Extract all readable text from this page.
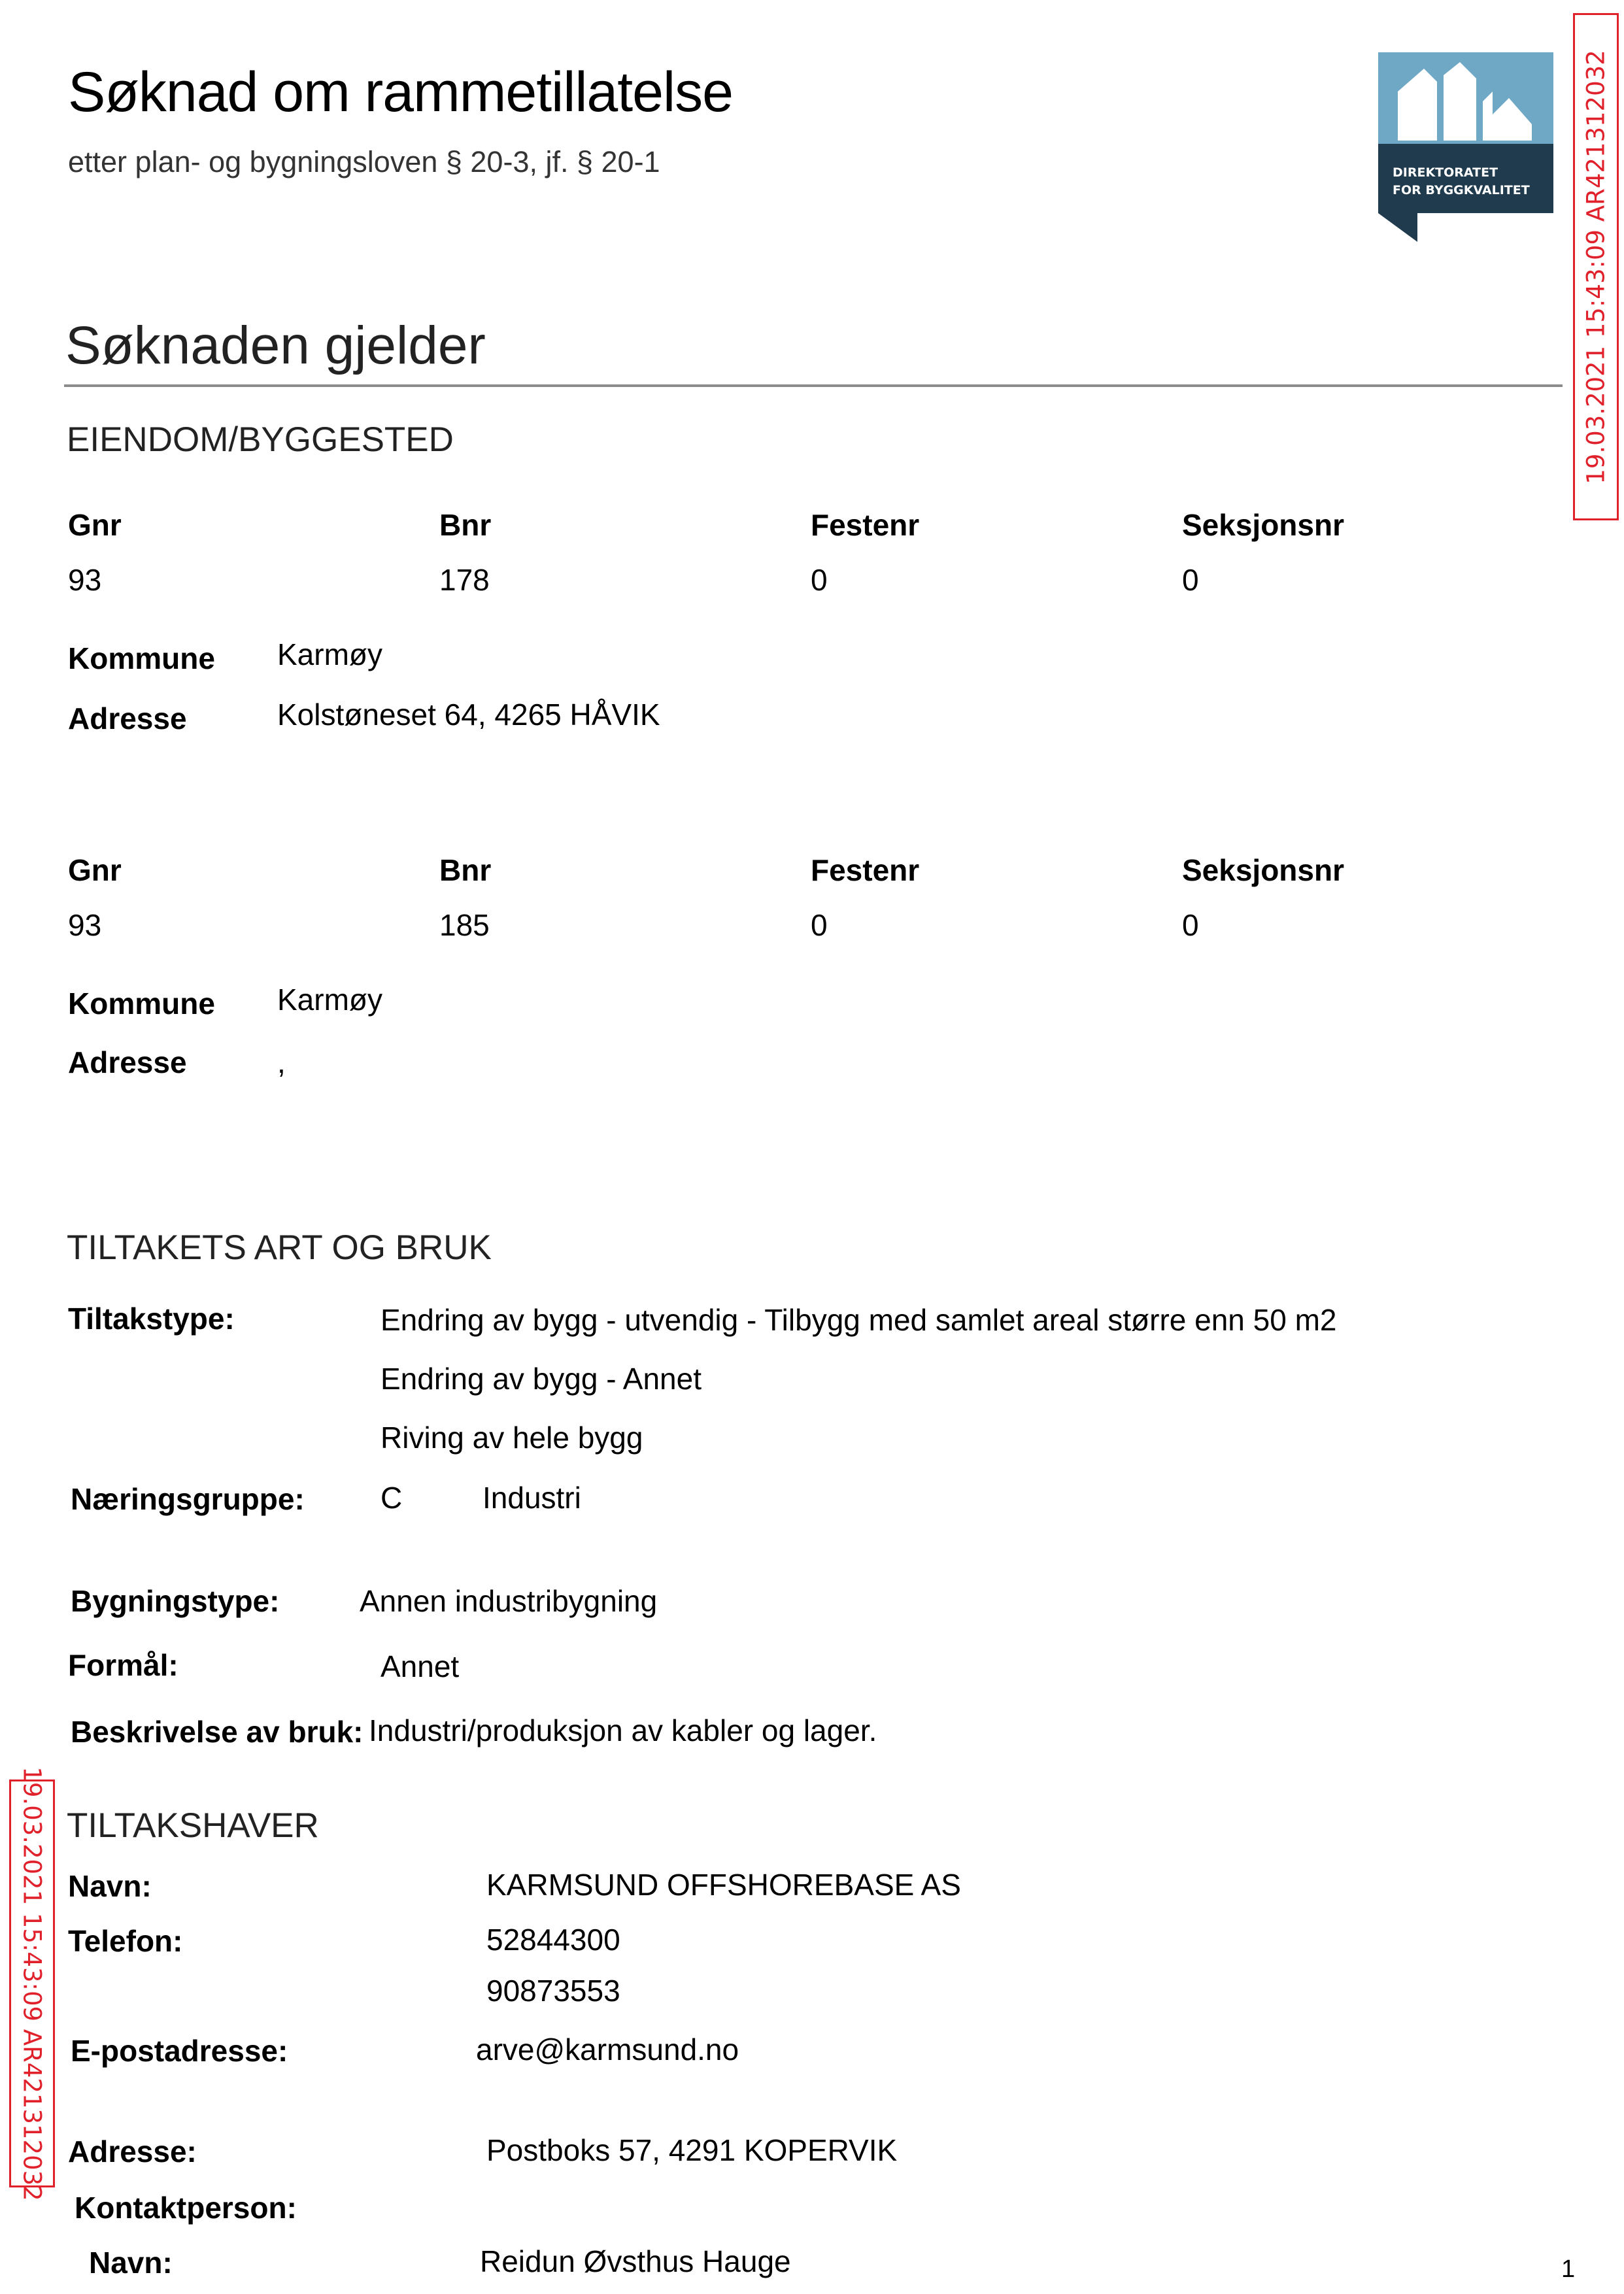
Søknad om rammetillatelse
etter plan- og bygningsloven § 20-3, jf. § 20-1	DIREKTORATET
FOR BYGGKVALITET 19.03.2021 15:43:09 AR421312032
19.03.2021 15:43:09 AR421312032
Søknaden gjelder
EIENDOM/BYGGESTED
Gnr	Bnr	Festenr	Seksjonsnr
93	178	0	0
Kommune Karmøy
Adresse	Kolstøneset 64, 4265 HÅVIK
Gnr	Bnr	Festenr	Seksjonsnr
93	185	0	0
Kommune Karmøy
Adresse	,
TILTAKETS ART OG BRUK
Tiltakstype:	Endring av bygg - utvendig - Tilbygg med samlet areal større enn 50 m2
Endring av bygg - Annet
Riving av hele bygg
Næringsgruppe:	C	Industri
Bygningstype:	Annen industribygning
Formål:	Annet
Beskrivelse av bruk: Industri/produksjon av kabler og lager.
TILTAKSHAVER
Navn:	KARMSUND OFFSHOREBASE AS
Telefon:	52844300
90873553
E-postadresse:	arve@karmsund.no
Adresse:	Postboks 57, 4291 KOPERVIK
Kontaktperson:
Navn:	Reidun Øvsthus Hauge	1
